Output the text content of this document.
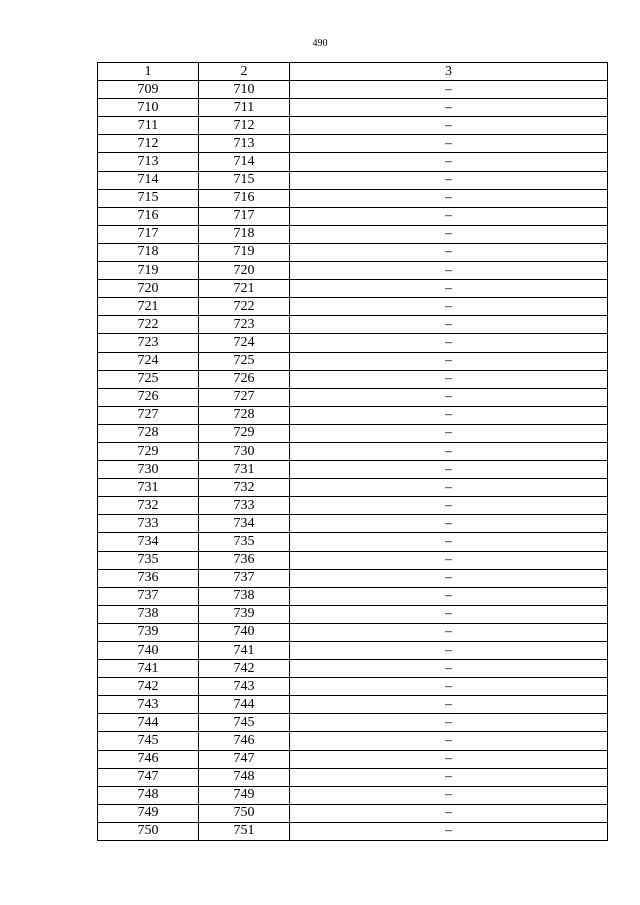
490
1	2	3
709	710	–
710	711	–
711	712	–
712	713	–
713	714	–
714	715	–
715	716	–
716	717	–
717	718	–
718	719	–
719	720	–
720	721	–
721	722	–
722	723	–
723	724	–
724	725	–
725	726	–
726	727	–
727	728	–
728	729	–
729	730	–
730	731	–
731	732	–
732	733	–
733	734	–
734	735	–
735	736	–
736	737	–
737	738	–
738	739	–
739	740	–
740	741	–
741	742	–
742	743	–
743	744	–
744	745	–
745	746	–
746	747	–
747	748	–
748	749	–
749	750	–
750	751	–
